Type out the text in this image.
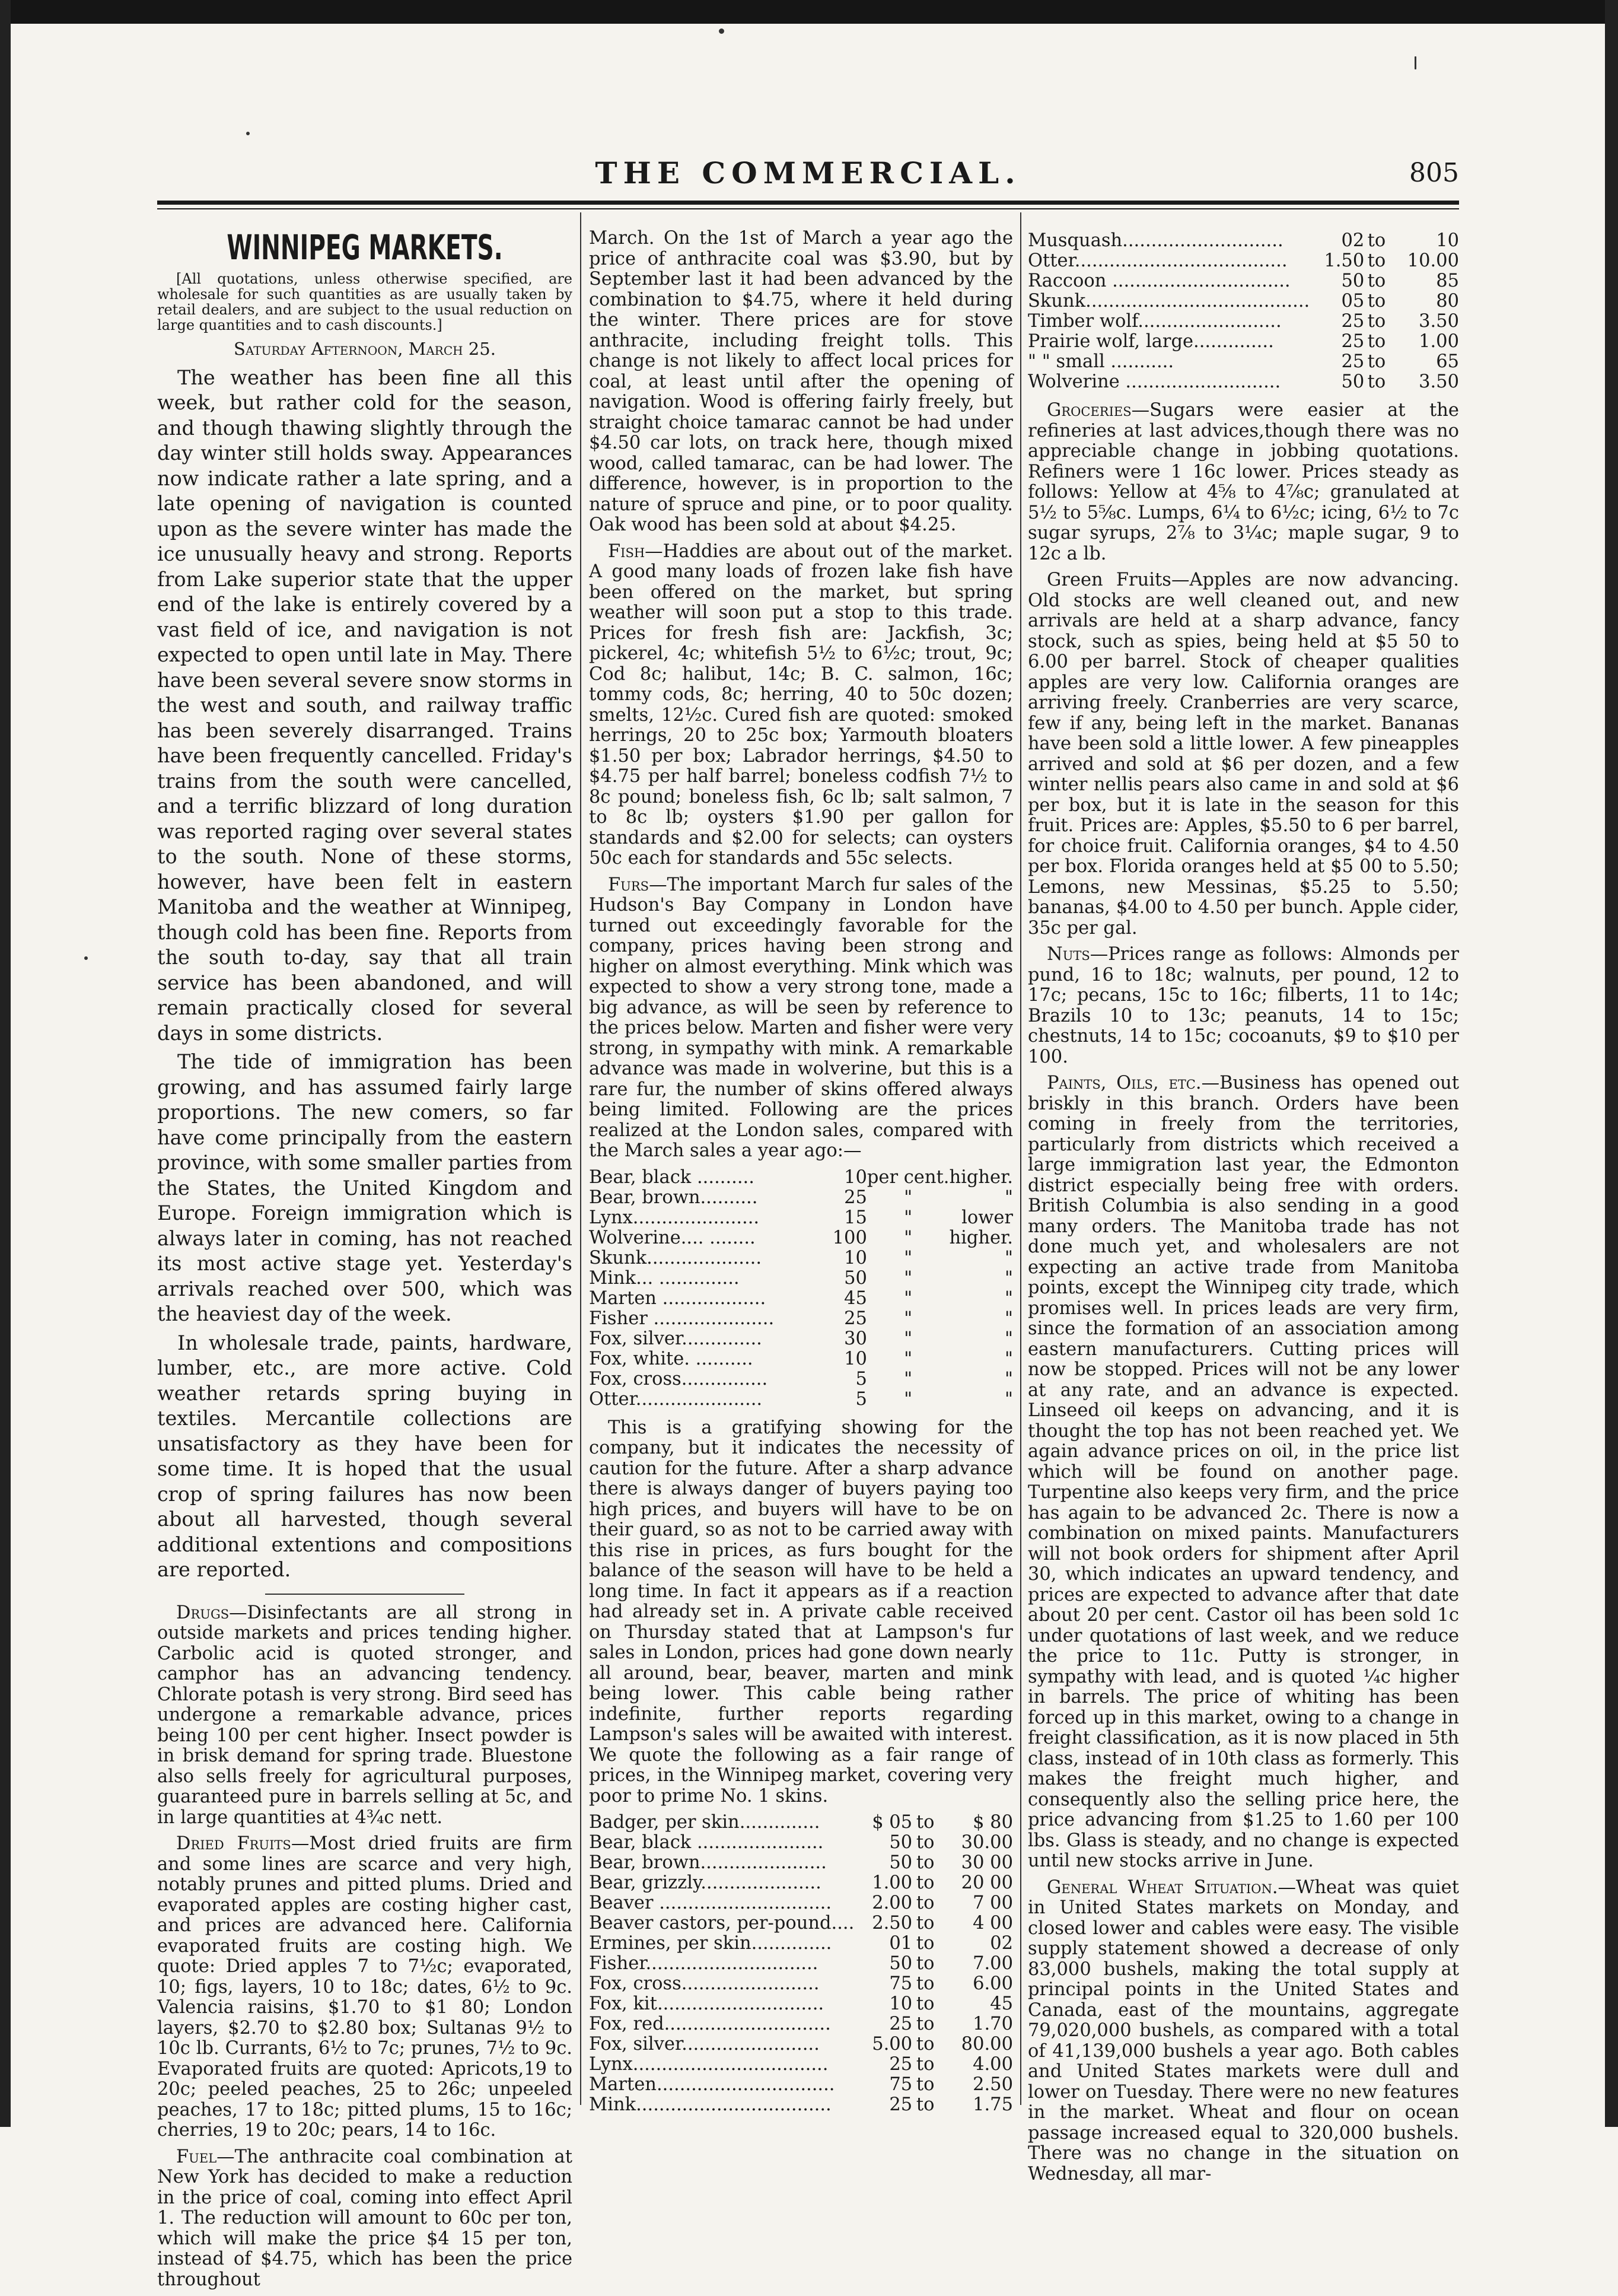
THE COMMERCIAL.	805
WINNIPEG MARKETS.

[All quotations, unless otherwise specified, are wholesale for such quantities as are usually taken by retail dealers, and are subject to the usual reduction on large quantities and to cash discounts.]

Saturday Afternoon, March 25.

The weather has been fine all this week, but rather cold for the season, and though thawing slightly through the day winter still holds sway. Appearances now indicate rather a late spring, and a late opening of navigation is counted upon as the severe winter has made the ice unusually heavy and strong. Reports from Lake superior state that the upper end of the lake is entirely covered by a vast field of ice, and navigation is not expected to open until late in May. There have been several severe snow storms in the west and south, and railway traffic has been severely disarranged. Trains have been frequently cancelled. Friday's trains from the south were cancelled, and a terrific blizzard of long duration was reported raging over several states to the south. None of these storms, however, have been felt in eastern Manitoba and the weather at Winnipeg, though cold has been fine. Reports from the south to-day, say that all train service has been abandoned, and will remain practically closed for several days in some districts.

The tide of immigration has been growing, and has assumed fairly large proportions. The new comers, so far have come principally from the eastern province, with some smaller parties from the States, the United Kingdom and Europe. Foreign immigration which is always later in coming, has not reached its most active stage yet. Yesterday's arrivals reached over 500, which was the heaviest day of the week.

In wholesale trade, paints, hardware, lumber, etc., are more active. Cold weather retards spring buying in textiles. Mercantile collections are unsatisfactory as they have been for some time. It is hoped that the usual crop of spring failures has now been about all harvested, though several additional extentions and compositions are reported.

Drugs—Disinfectants are all strong in outside markets and prices tending higher. Carbolic acid is quoted stronger, and camphor has an advancing tendency. Chlorate potash is very strong. Bird seed has undergone a remarkable advance, prices being 100 per cent higher. Insect powder is in brisk demand for spring trade. Bluestone also sells freely for agricultural purposes, guaranteed pure in barrels selling at 5c, and in large quantities at 4¾c nett.

Dried Fruits—Most dried fruits are firm and some lines are scarce and very high, notably prunes and pitted plums. Dried and evaporated apples are costing higher cast, and prices are advanced here. California evaporated fruits are costing high. We quote: Dried apples 7 to 7½c; evaporated, 10; figs, layers, 10 to 18c; dates, 6½ to 9c. Valencia raisins, $1.70 to $1 80; London layers, $2.70 to $2.80 box; Sultanas 9½ to 10c lb. Currants, 6½ to 7c; prunes, 7½ to 9c. Evaporated fruits are quoted: Apricots,19 to 20c; peeled peaches, 25 to 26c; unpeeled peaches, 17 to 18c; pitted plums, 15 to 16c; cherries, 19 to 20c; pears, 14 to 16c.

Fuel—The anthracite coal combination at New York has decided to make a reduction in the price of coal, coming into effect April 1. The reduction will amount to 60c per ton, which will make the price $4 15 per ton, instead of $4.75, which has been the price throughout

March. On the 1st of March a year ago the price of anthracite coal was $3.90, but by September last it had been advanced by the combination to $4.75, where it held during the winter. There prices are for stove anthracite, including freight tolls. This change is not likely to affect local prices for coal, at least until after the opening of navigation. Wood is offering fairly freely, but straight choice tamarac cannot be had under $4.50 car lots, on track here, though mixed wood, called tamarac, can be had lower. The difference, however, is in proportion to the nature of spruce and pine, or to poor quality. Oak wood has been sold at about $4.25.

Fish—Haddies are about out of the market. A good many loads of frozen lake fish have been offered on the market, but spring weather will soon put a stop to this trade. Prices for fresh fish are: Jackfish, 3c; pickerel, 4c; whitefish 5½ to 6½c; trout, 9c; Cod 8c; halibut, 14c; B. C. salmon, 16c; tommy cods, 8c; herring, 40 to 50c dozen; smelts, 12½c. Cured fish are quoted: smoked herrings, 20 to 25c box; Yarmouth bloaters $1.50 per box; Labrador herrings, $4.50 to $4.75 per half barrel; boneless codfish 7½ to 8c pound; boneless fish, 6c lb; salt salmon, 7 to 8c lb; oysters $1.90 per gallon for standards and $2.00 for selects; can oysters 50c each for standards and 55c selects.

Furs—The important March fur sales of the Hudson's Bay Company in London have turned out exceedingly favorable for the company, prices having been strong and higher on almost everything. Mink which was expected to show a very strong tone, made a big advance, as will be seen by reference to the prices below. Marten and fisher were very strong, in sympathy with mink. A remarkable advance was made in wolverine, but this is a rare fur, the number of skins offered always being limited. Following are the prices realized at the London sales, compared with the March sales a year ago:—

Bear, black ..........	10	per cent.	higher.
Bear, brown..........	25	"	"
Lynx......................	15	"	lower
Wolverine.... ........	100	"	higher.
Skunk....................	10	"	"
Mink... ..............	50	"	"
Marten ..................	45	"	"
Fisher .....................	25	"	"
Fox, silver..............	30	"	"
Fox, white. ..........	10	"	"
Fox, cross...............	5	"	"
Otter......................	5	"	"

This is a gratifying showing for the company, but it indicates the necessity of caution for the future. After a sharp advance there is always danger of buyers paying too high prices, and buyers will have to be on their guard, so as not to be carried away with this rise in prices, as furs bought for the balance of the season will have to be held a long time. In fact it appears as if a reaction had already set in. A private cable received on Thursday stated that at Lampson's fur sales in London, prices had gone down nearly all around, bear, beaver, marten and mink being lower. This cable being rather indefinite, further reports regarding Lampson's sales will be awaited with interest. We quote the following as a fair range of prices, in the Winnipeg market, covering very poor to prime No. 1 skins.

Badger, per skin..............	$ 05	to	$ 80
Bear, black ......................	50	to	30.00
Bear, brown......................	50	to	30 00
Bear, grizzly.....................	1.00	to	20 00
Beaver ..............................	2.00	to	7 00
Beaver castors, per-pound....	2.50	to	4 00
Ermines, per skin..............	01	to	02
Fisher..............................	50	to	7.00
Fox, cross........................	75	to	6.00
Fox, kit.............................	10	to	45
Fox, red.............................	25	to	1.70
Fox, silver........................	5.00	to	80.00
Lynx..................................	25	to	4.00
Marten...............................	75	to	2.50
Mink..................................	25	to	1.75
Musquash............................	02	to	10
Otter.....................................	1.50	to	10.00
Raccoon ...............................	50	to	85
Skunk.......................................	05	to	80
Timber wolf.........................	25	to	3.50
Prairie wolf, large..............	25	to	1.00
" " small ...........	25	to	65
Wolverine ...........................	50	to	3.50

Groceries—Sugars were easier at the refineries at last advices,though there was no appreciable change in jobbing quotations. Refiners were 1 16c lower. Prices steady as follows: Yellow at 4⅝ to 4⅞c; granulated at 5½ to 5⅝c. Lumps, 6¼ to 6½c; icing, 6½ to 7c sugar syrups, 2⅞ to 3¼c; maple sugar, 9 to 12c a lb.

Green Fruits—Apples are now advancing. Old stocks are well cleaned out, and new arrivals are held at a sharp advance, fancy stock, such as spies, being held at $5 50 to 6.00 per barrel. Stock of cheaper qualities apples are very low. California oranges are arriving freely. Cranberries are very scarce, few if any, being left in the market. Bananas have been sold a little lower. A few pineapples arrived and sold at $6 per dozen, and a few winter nellis pears also came in and sold at $6 per box, but it is late in the season for this fruit. Prices are: Apples, $5.50 to 6 per barrel, for choice fruit. California oranges, $4 to 4.50 per box. Florida oranges held at $5 00 to 5.50; Lemons, new Messinas, $5.25 to 5.50; bananas, $4.00 to 4.50 per bunch. Apple cider, 35c per gal.

Nuts—Prices range as follows: Almonds per pund, 16 to 18c; walnuts, per pound, 12 to 17c; pecans, 15c to 16c; filberts, 11 to 14c; Brazils 10 to 13c; peanuts, 14 to 15c; chestnuts, 14 to 15c; cocoanuts, $9 to $10 per 100.

Paints, Oils, etc.—Business has opened out briskly in this branch. Orders have been coming in freely from the territories, particularly from districts which received a large immigration last year, the Edmonton district especially being free with orders. British Columbia is also sending in a good many orders. The Manitoba trade has not done much yet, and wholesalers are not expecting an active trade from Manitoba points, except the Winnipeg city trade, which promises well. In prices leads are very firm, since the formation of an association among eastern manufacturers. Cutting prices will now be stopped. Prices will not be any lower at any rate, and an advance is expected. Linseed oil keeps on advancing, and it is thought the top has not been reached yet. We again advance prices on oil, in the price list which will be found on another page. Turpentine also keeps very firm, and the price has again to be advanced 2c. There is now a combination on mixed paints. Manufacturers will not book orders for shipment after April 30, which indicates an upward tendency, and prices are expected to advance after that date about 20 per cent. Castor oil has been sold 1c under quotations of last week, and we reduce the price to 11c. Putty is stronger, in sympathy with lead, and is quoted ¼c higher in barrels. The price of whiting has been forced up in this market, owing to a change in freight classification, as it is now placed in 5th class, instead of in 10th class as formerly. This makes the freight much higher, and consequently also the selling price here, the price advancing from $1.25 to 1.60 per 100 lbs. Glass is steady, and no change is expected until new stocks arrive in June.

General Wheat Situation.—Wheat was quiet in United States markets on Monday, and closed lower and cables were easy. The visible supply statement showed a decrease of only 83,000 bushels, making the total supply at principal points in the United States and Canada, east of the mountains, aggregate 79,020,000 bushels, as compared with a total of 41,139,000 bushels a year ago. Both cables and United States markets were dull and lower on Tuesday. There were no new features in the market. Wheat and flour on ocean passage increased equal to 320,000 bushels. There was no change in the situation on Wednesday, all mar-
